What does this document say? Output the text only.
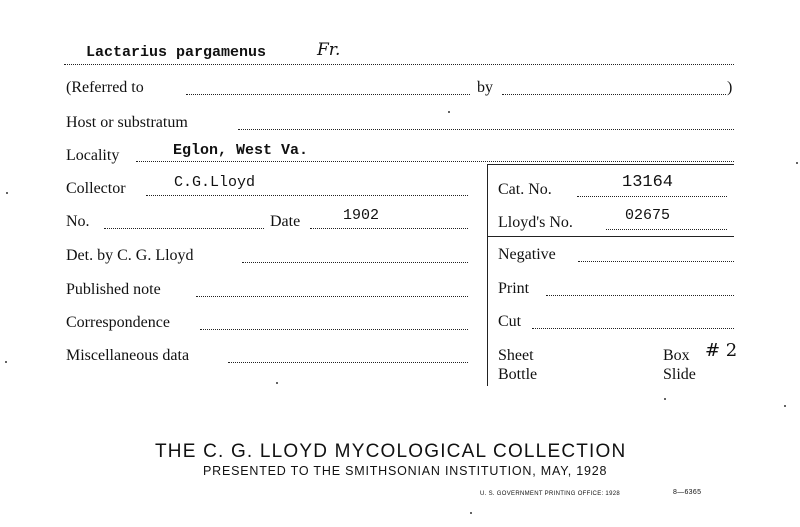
Lactarius pargamenus	Fr.
(Referred to	by	)
Host or substratum
Locality	Eglon, West Va.
Collector	C.G.Lloyd
No.	Date	1902
Det. by C. G. Lloyd
Published note
Correspondence
Miscellaneous data
Cat. No.	13164
Lloyd's No.	02675
Negative
Print
Cut
Sheet
Bottle
Box # 2
Slide
THE C. G. LLOYD MYCOLOGICAL COLLECTION
PRESENTED TO THE SMITHSONIAN INSTITUTION, MAY, 1928
U. S. GOVERNMENT PRINTING OFFICE: 1928	8—6365
